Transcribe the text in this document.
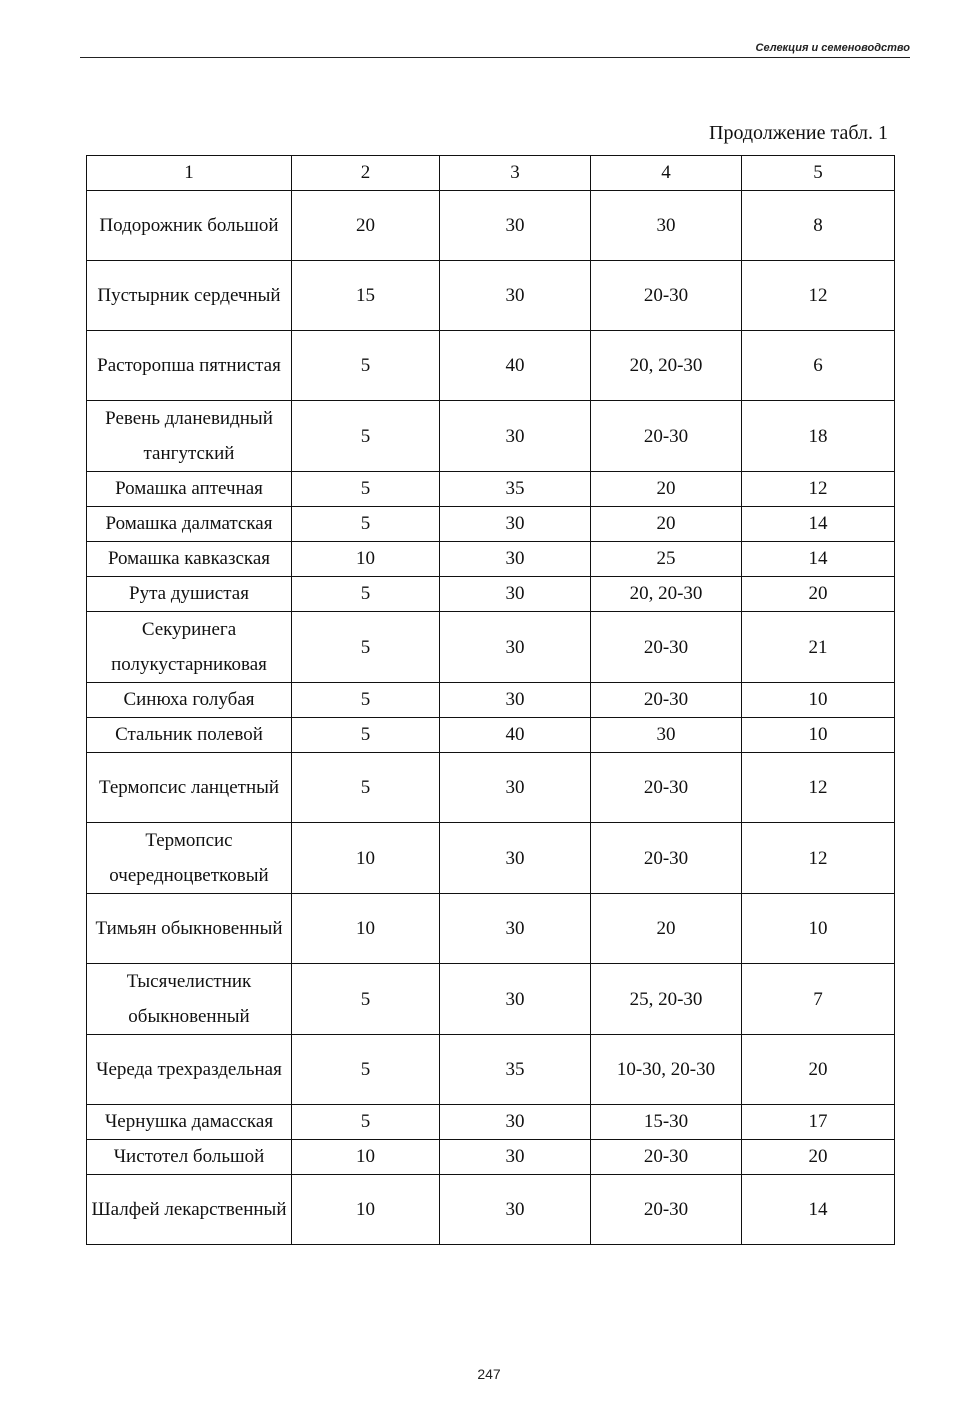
Селекция и семеноводство
Продолжение табл. 1
1	2	3	4	5
Подорожник большой	20	30	30	8
Пустырник сердечный	15	30	20-30	12
Расторопша пятнистая	5	40	20, 20-30	6
Ревень дланевидный тангутский	5	30	20-30	18
Ромашка аптечная	5	35	20	12
Ромашка далматская	5	30	20	14
Ромашка кавказская	10	30	25	14
Рута душистая	5	30	20, 20-30	20
Секуринега полукустарниковая	5	30	20-30	21
Синюха голубая	5	30	20-30	10
Стальник полевой	5	40	30	10
Термопсис ланцетный	5	30	20-30	12
Термопсис очередноцветковый	10	30	20-30	12
Тимьян обыкновенный	10	30	20	10
Тысячелистник обыкновенный	5	30	25, 20-30	7
Череда трехраздельная	5	35	10-30, 20-30	20
Чернушка дамасская	5	30	15-30	17
Чистотел большой	10	30	20-30	20
Шалфей лекарственный	10	30	20-30	14
247
